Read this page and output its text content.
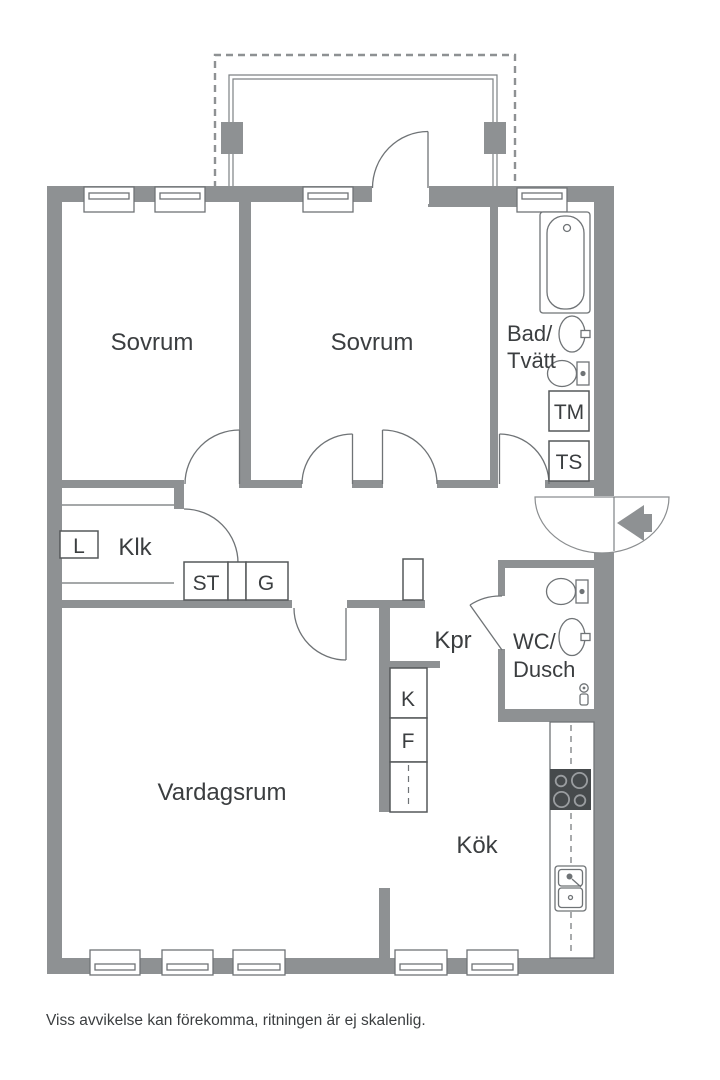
Sovrum	Sovrum	Bad/
Tvätt
TM
TS
Klk
L
ST G
Kpr WC/
Dusch
K
F
Vardagsrum
Kök
Viss avvikelse kan förekomma, ritningen är ej skalenlig.
